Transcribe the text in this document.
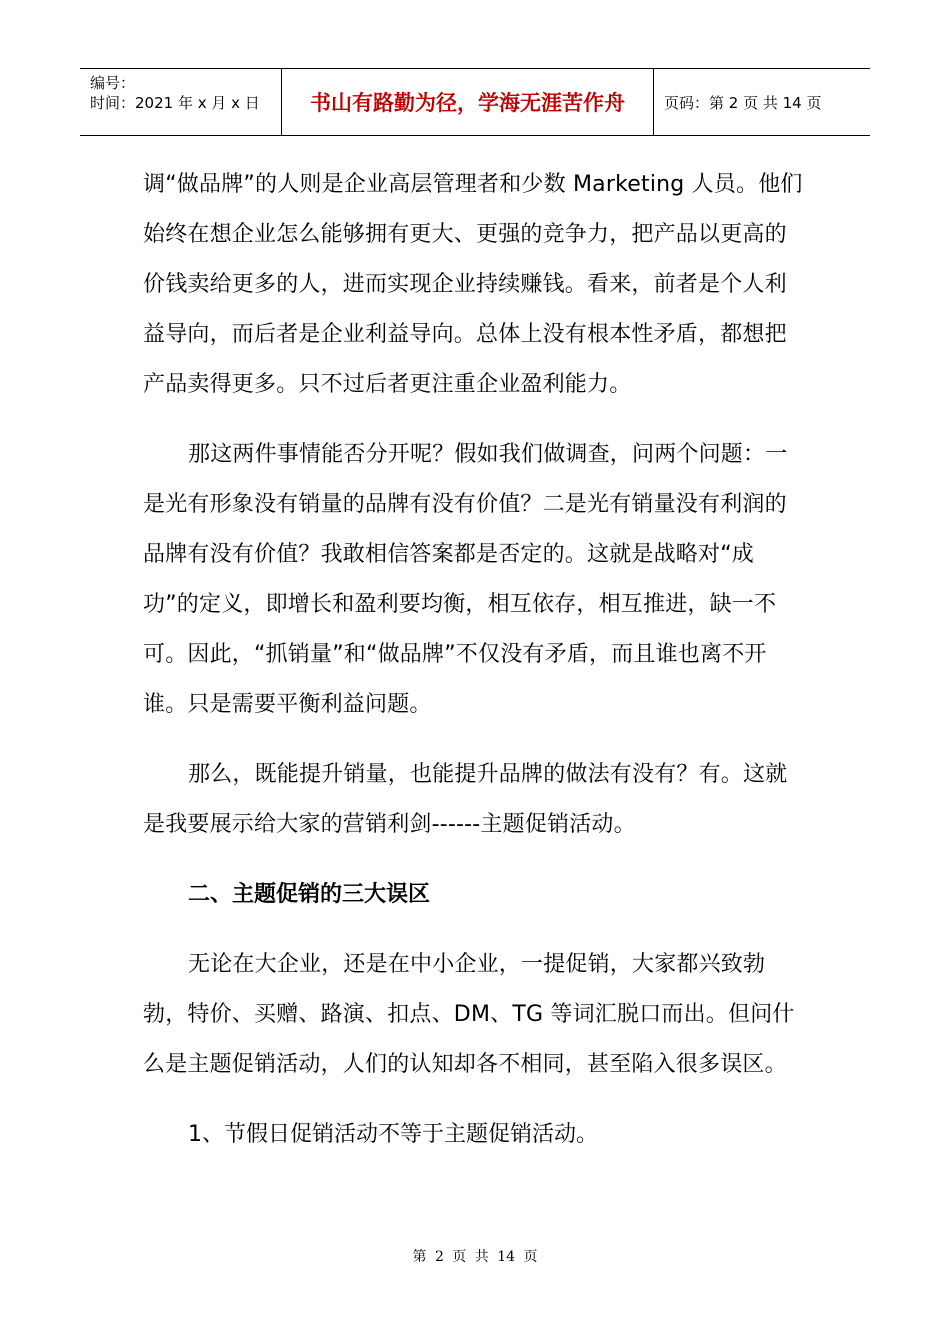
编号：
时间：2021 年 x 月 x 日	书山有路勤为径，学海无涯苦作舟	页码：第 2 页 共 14 页

调“做品牌”的人则是企业高层管理者和少数 Marketing 人员。他们始终在想企业怎么能够拥有更大、更强的竞争力，把产品以更高的价钱卖给更多的人，进而实现企业持续赚钱。看来，前者是个人利益导向，而后者是企业利益导向。总体上没有根本性矛盾，都想把产品卖得更多。只不过后者更注重企业盈利能力。

那这两件事情能否分开呢？假如我们做调查，问两个问题：一是光有形象没有销量的品牌有没有价值？二是光有销量没有利润的品牌有没有价值？我敢相信答案都是否定的。这就是战略对“成功”的定义，即增长和盈利要均衡，相互依存，相互推进，缺一不可。因此，“抓销量”和“做品牌”不仅没有矛盾，而且谁也离不开谁。只是需要平衡利益问题。

那么，既能提升销量，也能提升品牌的做法有没有？有。这就是我要展示给大家的营销利剑------主题促销活动。

二、主题促销的三大误区

无论在大企业，还是在中小企业，一提促销，大家都兴致勃勃，特价、买赠、路演、扣点、DM、TG 等词汇脱口而出。但问什么是主题促销活动，人们的认知却各不相同，甚至陷入很多误区。

1、节假日促销活动不等于主题促销活动。
第 2 页 共 14 页
